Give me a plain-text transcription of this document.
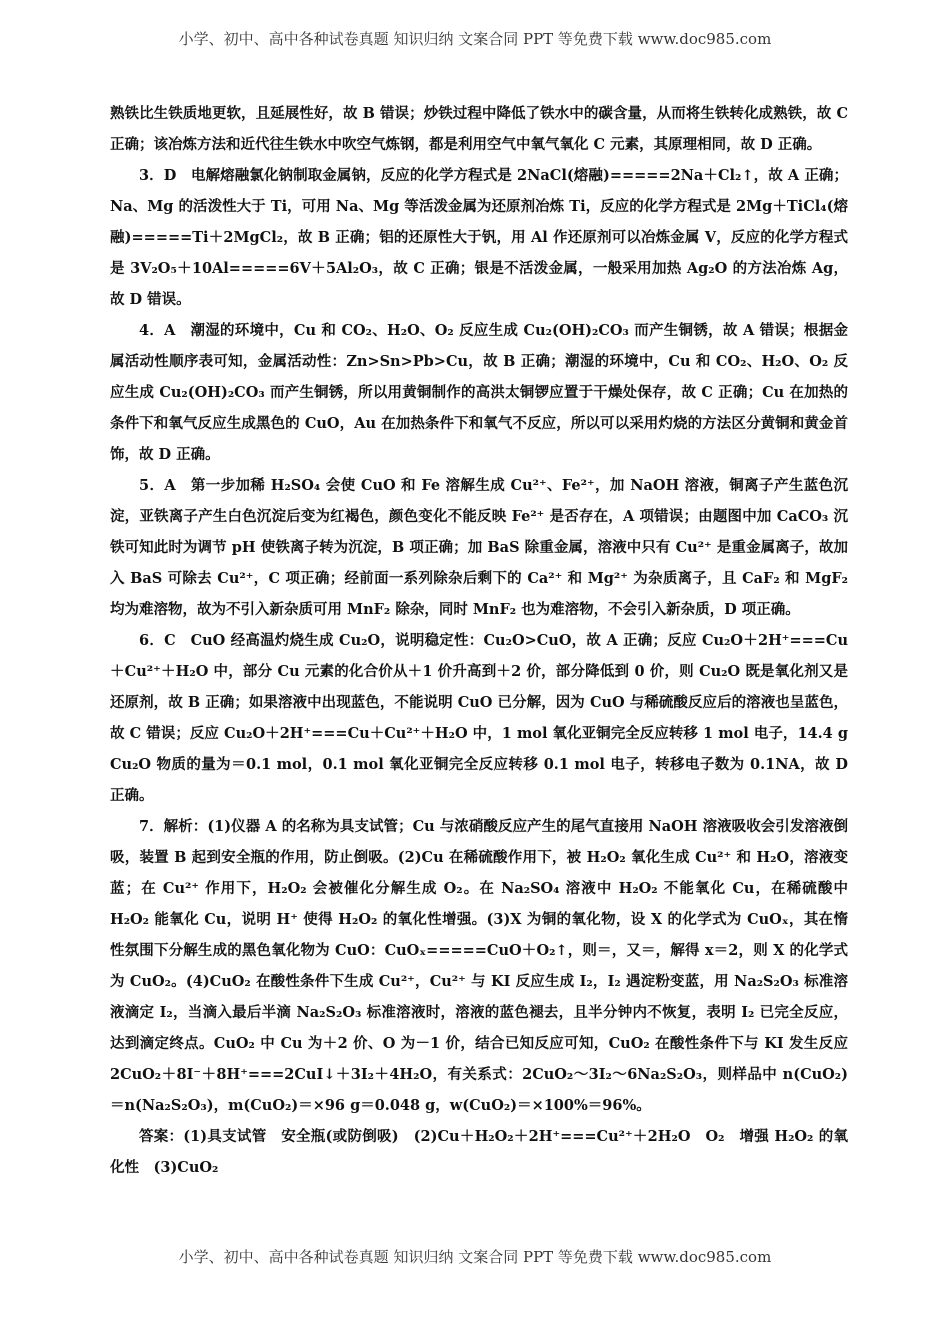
小学、初中、高中各种试卷真题 知识归纳 文案合同 PPT 等免费下载 www.doc985.com

熟铁比生铁质地更软，且延展性好，故 B 错误；炒铁过程中降低了铁水中的碳含量，从而将生铁转化成熟铁，故 C 正确；该冶炼方法和近代往生铁水中吹空气炼钢，都是利用空气中氧气氧化 C 元素，其原理相同，故 D 正确。

3．D　电解熔融氯化钠制取金属钠，反应的化学方程式是 2NaCl(熔融)=====2Na＋Cl₂↑，故 A 正确；Na、Mg 的活泼性大于 Ti，可用 Na、Mg 等活泼金属为还原剂冶炼 Ti，反应的化学方程式是 2Mg＋TiCl₄(熔融)=====Ti＋2MgCl₂，故 B 正确；铝的还原性大于钒，用 Al 作还原剂可以冶炼金属 V，反应的化学方程式是 3V₂O₅＋10Al=====6V＋5Al₂O₃，故 C 正确；银是不活泼金属，一般采用加热 Ag₂O 的方法冶炼 Ag，故 D 错误。

4．A　潮湿的环境中，Cu 和 CO₂、H₂O、O₂ 反应生成 Cu₂(OH)₂CO₃ 而产生铜锈，故 A 错误；根据金属活动性顺序表可知，金属活动性：Zn>Sn>Pb>Cu，故 B 正确；潮湿的环境中，Cu 和 CO₂、H₂O、O₂ 反应生成 Cu₂(OH)₂CO₃ 而产生铜锈，所以用黄铜制作的高洪太铜锣应置于干燥处保存，故 C 正确；Cu 在加热的条件下和氧气反应生成黑色的 CuO，Au 在加热条件下和氧气不反应，所以可以采用灼烧的方法区分黄铜和黄金首饰，故 D 正确。

5．A　第一步加稀 H₂SO₄ 会使 CuO 和 Fe 溶解生成 Cu²⁺、Fe²⁺，加 NaOH 溶液，铜离子产生蓝色沉淀，亚铁离子产生白色沉淀后变为红褐色，颜色变化不能反映 Fe²⁺ 是否存在，A 项错误；由题图中加 CaCO₃ 沉铁可知此时为调节 pH 使铁离子转为沉淀，B 项正确；加 BaS 除重金属，溶液中只有 Cu²⁺ 是重金属离子，故加入 BaS 可除去 Cu²⁺，C 项正确；经前面一系列除杂后剩下的 Ca²⁺ 和 Mg²⁺ 为杂质离子，且 CaF₂ 和 MgF₂ 均为难溶物，故为不引入新杂质可用 MnF₂ 除杂，同时 MnF₂ 也为难溶物，不会引入新杂质，D 项正确。

6．C　CuO 经高温灼烧生成 Cu₂O，说明稳定性：Cu₂O>CuO，故 A 正确；反应 Cu₂O＋2H⁺===Cu＋Cu²⁺＋H₂O 中，部分 Cu 元素的化合价从＋1 价升高到＋2 价，部分降低到 0 价，则 Cu₂O 既是氧化剂又是还原剂，故 B 正确；如果溶液中出现蓝色，不能说明 CuO 已分解，因为 CuO 与稀硫酸反应后的溶液也呈蓝色，故 C 错误；反应 Cu₂O＋2H⁺===Cu＋Cu²⁺＋H₂O 中，1 mol 氧化亚铜完全反应转移 1 mol 电子，14.4 g Cu₂O 物质的量为＝0.1 mol，0.1 mol 氧化亚铜完全反应转移 0.1 mol 电子，转移电子数为 0.1NA，故 D 正确。

7．解析：(1)仪器 A 的名称为具支试管；Cu 与浓硝酸反应产生的尾气直接用 NaOH 溶液吸收会引发溶液倒吸，装置 B 起到安全瓶的作用，防止倒吸。(2)Cu 在稀硫酸作用下，被 H₂O₂ 氧化生成 Cu²⁺ 和 H₂O，溶液变蓝；在 Cu²⁺ 作用下，H₂O₂ 会被催化分解生成 O₂。在 Na₂SO₄ 溶液中 H₂O₂ 不能氧化 Cu，在稀硫酸中 H₂O₂ 能氧化 Cu，说明 H⁺ 使得 H₂O₂ 的氧化性增强。(3)X 为铜的氧化物，设 X 的化学式为 CuOₓ，其在惰性氛围下分解生成的黑色氧化物为 CuO：CuOₓ=====CuO＋O₂↑，则＝，又＝，解得 x＝2，则 X 的化学式为 CuO₂。(4)CuO₂ 在酸性条件下生成 Cu²⁺，Cu²⁺ 与 KI 反应生成 I₂，I₂ 遇淀粉变蓝，用 Na₂S₂O₃ 标准溶液滴定 I₂，当滴入最后半滴 Na₂S₂O₃ 标准溶液时，溶液的蓝色褪去，且半分钟内不恢复，表明 I₂ 已完全反应，达到滴定终点。CuO₂ 中 Cu 为＋2 价、O 为－1 价，结合已知反应可知，CuO₂ 在酸性条件下与 KI 发生反应 2CuO₂＋8I⁻＋8H⁺===2CuI↓＋3I₂＋4H₂O，有关系式：2CuO₂～3I₂～6Na₂S₂O₃，则样品中 n(CuO₂)＝n(Na₂S₂O₃)，m(CuO₂)＝×96 g＝0.048 g，w(CuO₂)＝×100%＝96%。

答案：(1)具支试管　安全瓶(或防倒吸)　(2)Cu＋H₂O₂＋2H⁺===Cu²⁺＋2H₂O　O₂　增强 H₂O₂ 的氧化性　(3)CuO₂

小学、初中、高中各种试卷真题 知识归纳 文案合同 PPT 等免费下载 www.doc985.com
